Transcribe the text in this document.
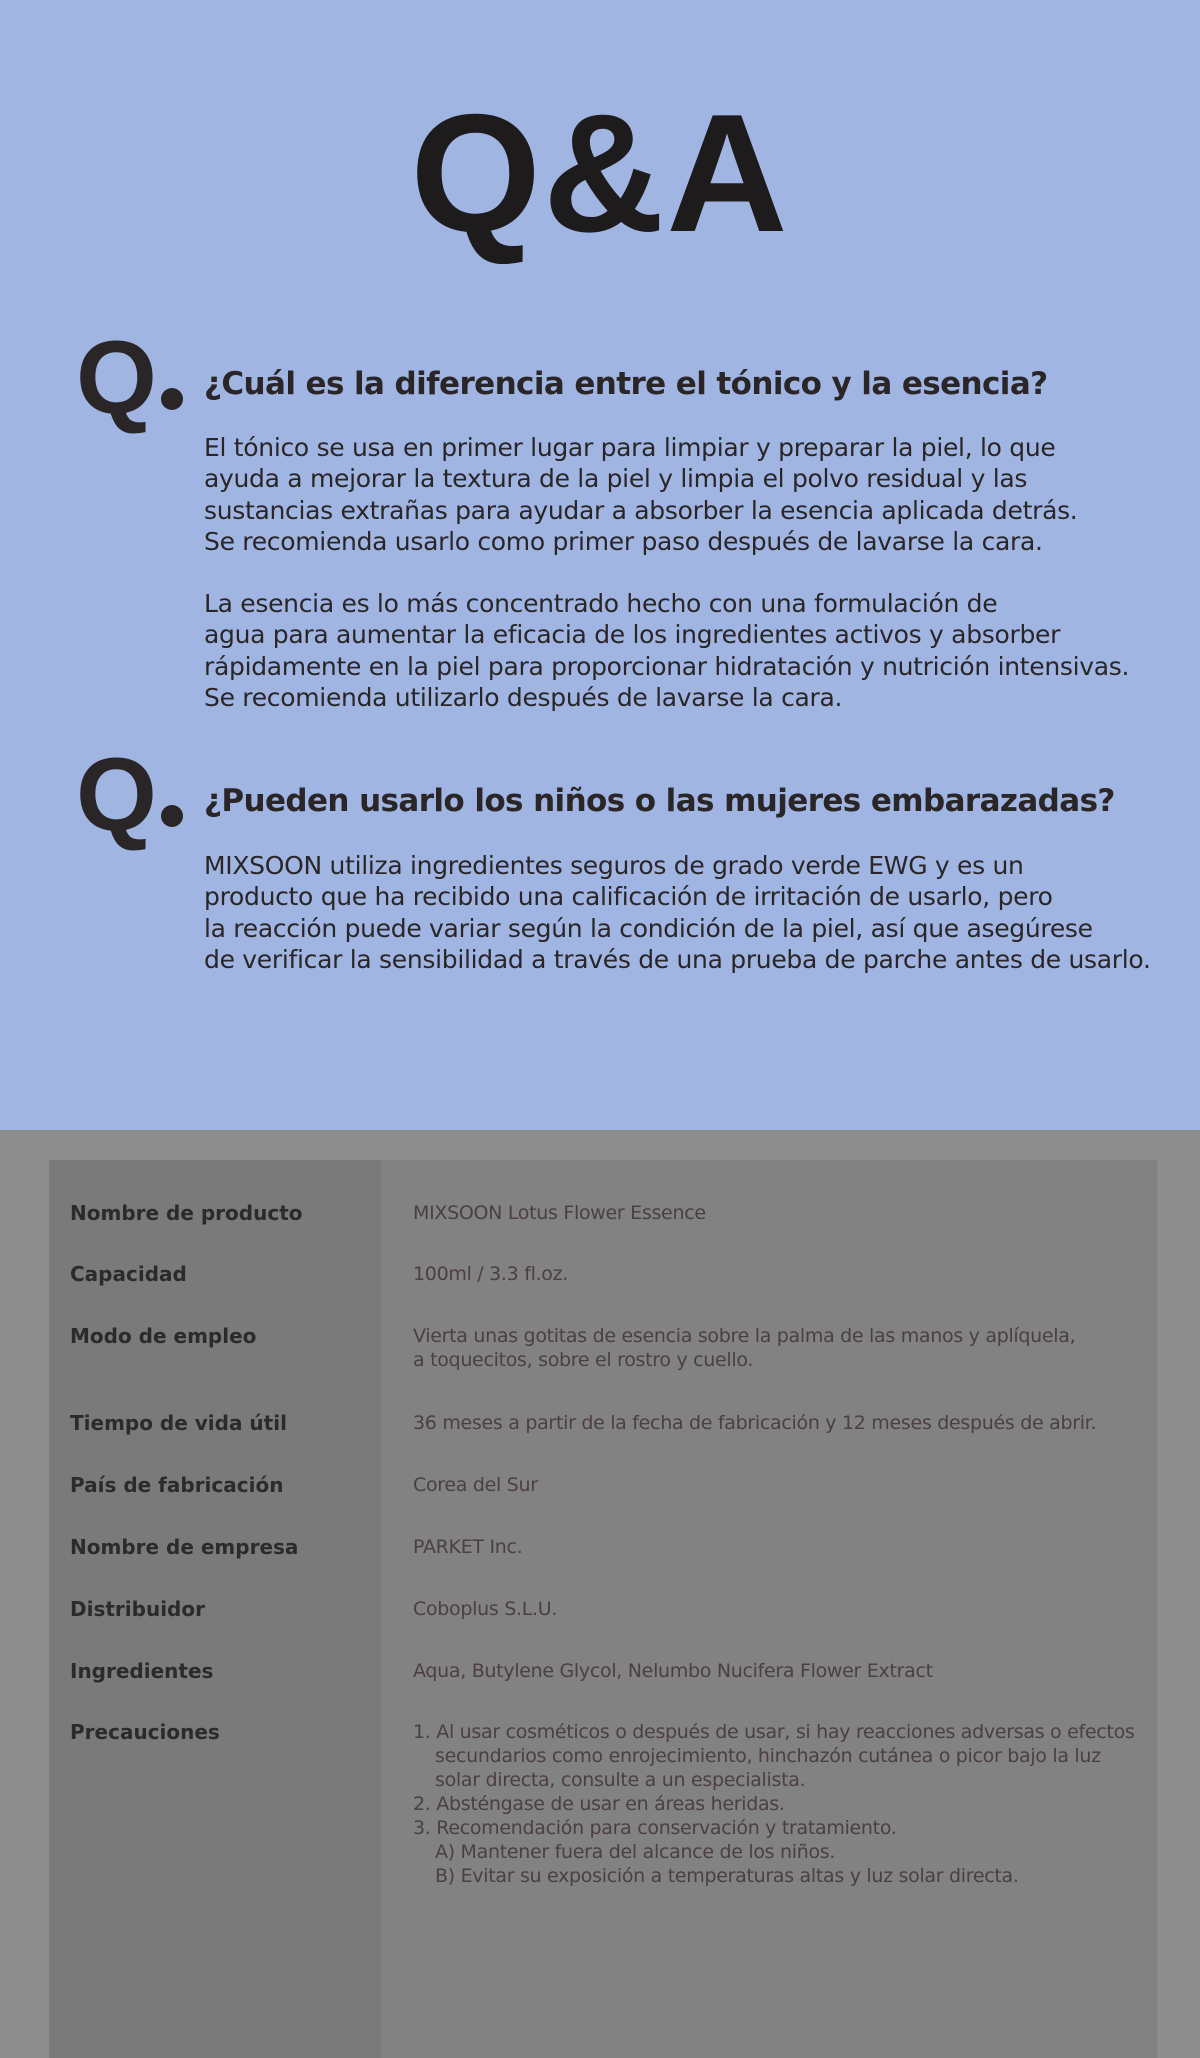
Q&A
Q ¿Cuál es la diferencia entre el tónico y la esencia?

El tónico se usa en primer lugar para limpiar y preparar la piel, lo que
ayuda a mejorar la textura de la piel y limpia el polvo residual y las
sustancias extrañas para ayudar a absorber la esencia aplicada detrás.
Se recomienda usarlo como primer paso después de lavarse la cara.

La esencia es lo más concentrado hecho con una formulación de
agua para aumentar la eficacia de los ingredientes activos y absorber
rápidamente en la piel para proporcionar hidratación y nutrición intensivas.
Se recomienda utilizarlo después de lavarse la cara.

Q ¿Pueden usarlo los niños o las mujeres embarazadas?

MIXSOON utiliza ingredientes seguros de grado verde EWG y es un
producto que ha recibido una calificación de irritación de usarlo, pero
la reacción puede variar según la condición de la piel, así que asegúrese
de verificar la sensibilidad a través de una prueba de parche antes de usarlo.

Nombre de producto	MIXSOON Lotus Flower Essence
Capacidad	100ml / 3.3 fl.oz.
Modo de empleo	Vierta unas gotitas de esencia sobre la palma de las manos y aplíquela,
a toquecitos, sobre el rostro y cuello.
Tiempo de vida útil	36 meses a partir de la fecha de fabricación y 12 meses después de abrir.
País de fabricación	Corea del Sur
Nombre de empresa	PARKET Inc.
Distribuidor	Coboplus S.L.U.
Ingredientes	Aqua, Butylene Glycol, Nelumbo Nucifera Flower Extract
Precauciones	1. Al usar cosméticos o después de usar, si hay reacciones adversas o efectos
secundarios como enrojecimiento, hinchazón cutánea o picor bajo la luz
solar directa, consulte a un especialista.
2. Absténgase de usar en áreas heridas.
3. Recomendación para conservación y tratamiento.
A) Mantener fuera del alcance de los niños.
B) Evitar su exposición a temperaturas altas y luz solar directa.
